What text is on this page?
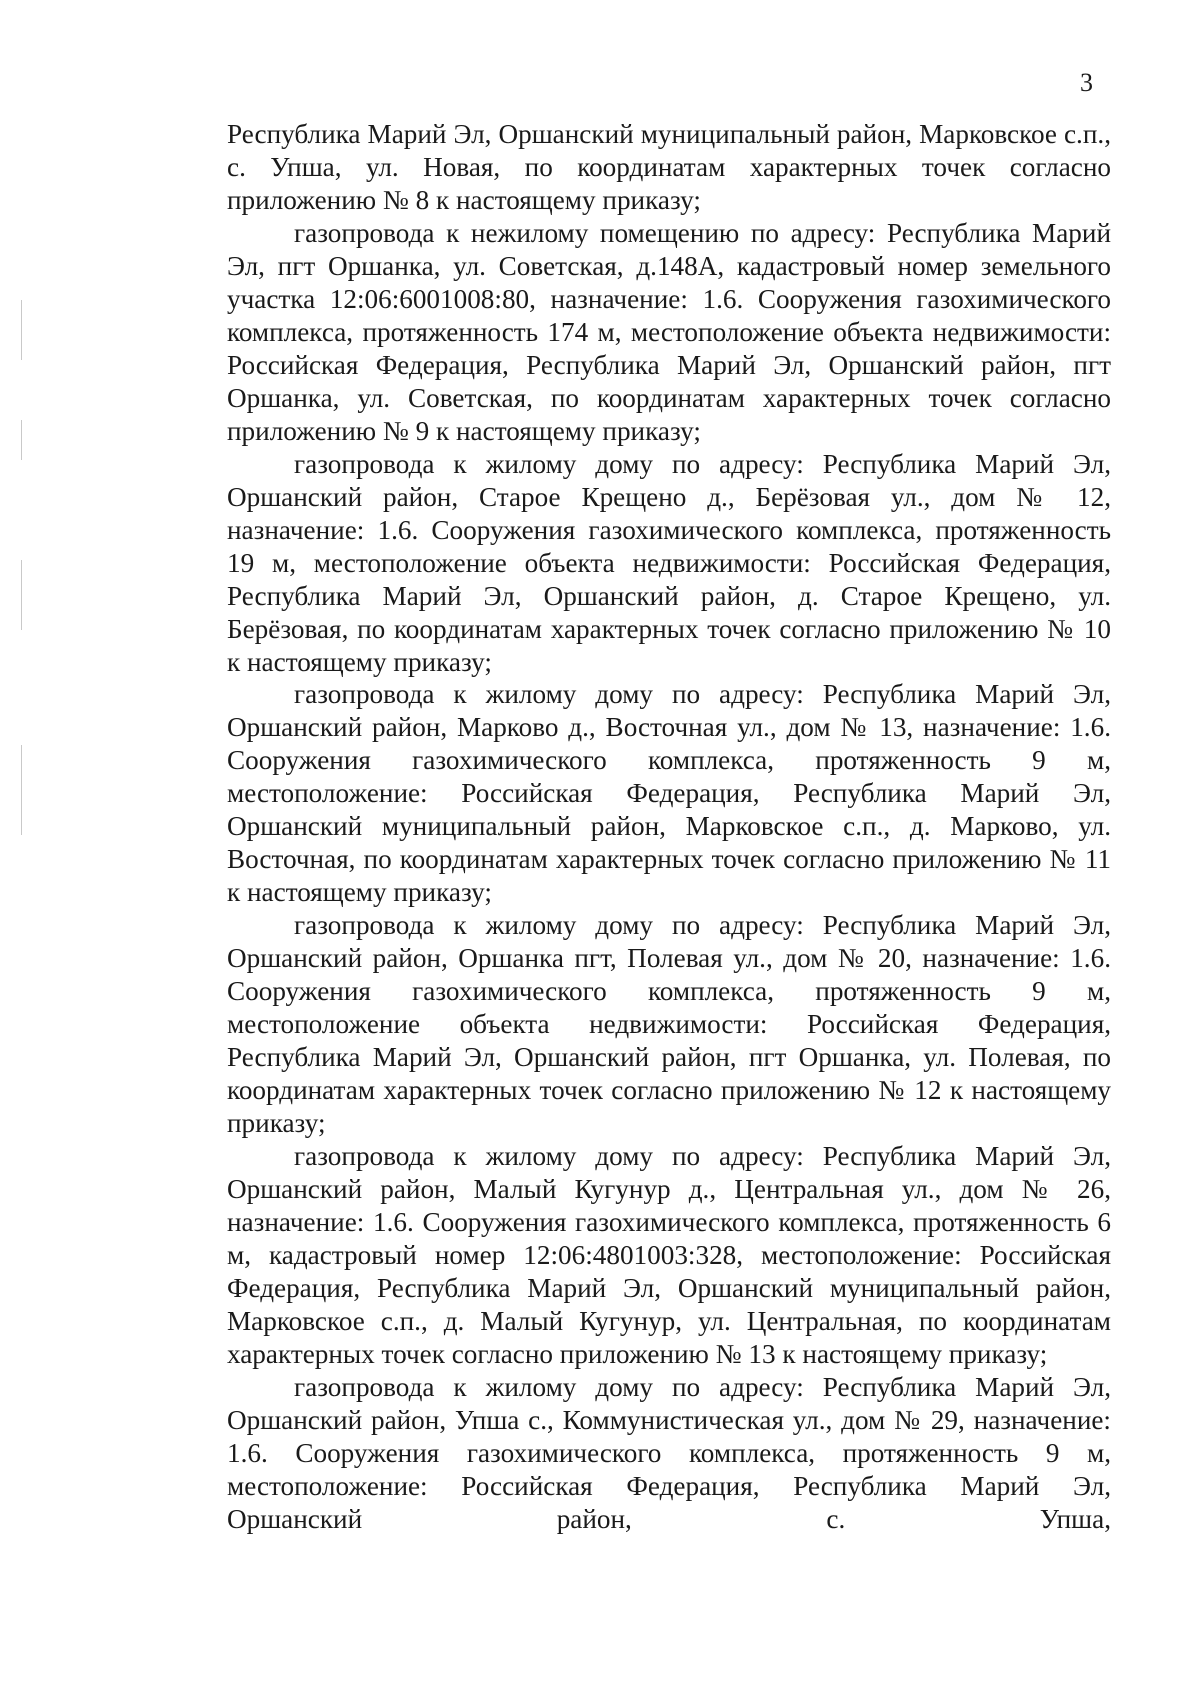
3

Республика Марий Эл, Оршанский муниципальный район, Марковское с.п., с. Упша, ул. Новая, по координатам характерных точек согласно приложению № 8 к настоящему приказу;

газопровода к нежилому помещению по адресу: Республика Марий Эл, пгт Оршанка, ул. Советская, д.148А, кадастровый номер земельного участка 12:06:6001008:80, назначение: 1.6. Сооружения газохимического комплекса, протяженность 174 м, местоположение объекта недвижимости: Российская Федерация, Республика Марий Эл, Оршанский район, пгт Оршанка, ул. Советская, по координатам характерных точек согласно приложению № 9 к настоящему приказу;

газопровода к жилому дому по адресу: Республика Марий Эл, Оршанский район, Старое Крещено д., Берёзовая ул., дом № 12, назначение: 1.6. Сооружения газохимического комплекса, протяженность 19 м, местоположение объекта недвижимости: Российская Федерация, Республика Марий Эл, Оршанский район, д. Старое Крещено, ул. Берёзовая, по координатам характерных точек согласно приложению № 10 к настоящему приказу;

газопровода к жилому дому по адресу: Республика Марий Эл, Оршанский район, Марково д., Восточная ул., дом № 13, назначение: 1.6. Сооружения газохимического комплекса, протяженность 9 м, местоположение: Российская Федерация, Республика Марий Эл, Оршанский муниципальный район, Марковское с.п., д. Марково, ул. Восточная, по координатам характерных точек согласно приложению № 11 к настоящему приказу;

газопровода к жилому дому по адресу: Республика Марий Эл, Оршанский район, Оршанка пгт, Полевая ул., дом № 20, назначение: 1.6. Сооружения газохимического комплекса, протяженность 9 м, местоположение объекта недвижимости: Российская Федерация, Республика Марий Эл, Оршанский район, пгт Оршанка, ул. Полевая, по координатам характерных точек согласно приложению № 12 к настоящему приказу;

газопровода к жилому дому по адресу: Республика Марий Эл, Оршанский район, Малый Кугунур д., Центральная ул., дом № 26, назначение: 1.6. Сооружения газохимического комплекса, протяженность 6 м, кадастровый номер 12:06:4801003:328, местоположение: Российская Федерация, Республика Марий Эл, Оршанский муниципальный район, Марковское с.п., д. Малый Кугунур, ул. Центральная, по координатам характерных точек согласно приложению № 13 к настоящему приказу;

газопровода к жилому дому по адресу: Республика Марий Эл, Оршанский район, Упша с., Коммунистическая ул., дом № 29, назначение: 1.6. Сооружения газохимического комплекса, протяженность 9 м, местоположение: Российская Федерация, Республика Марий Эл, Оршанский район, с. Упша,
